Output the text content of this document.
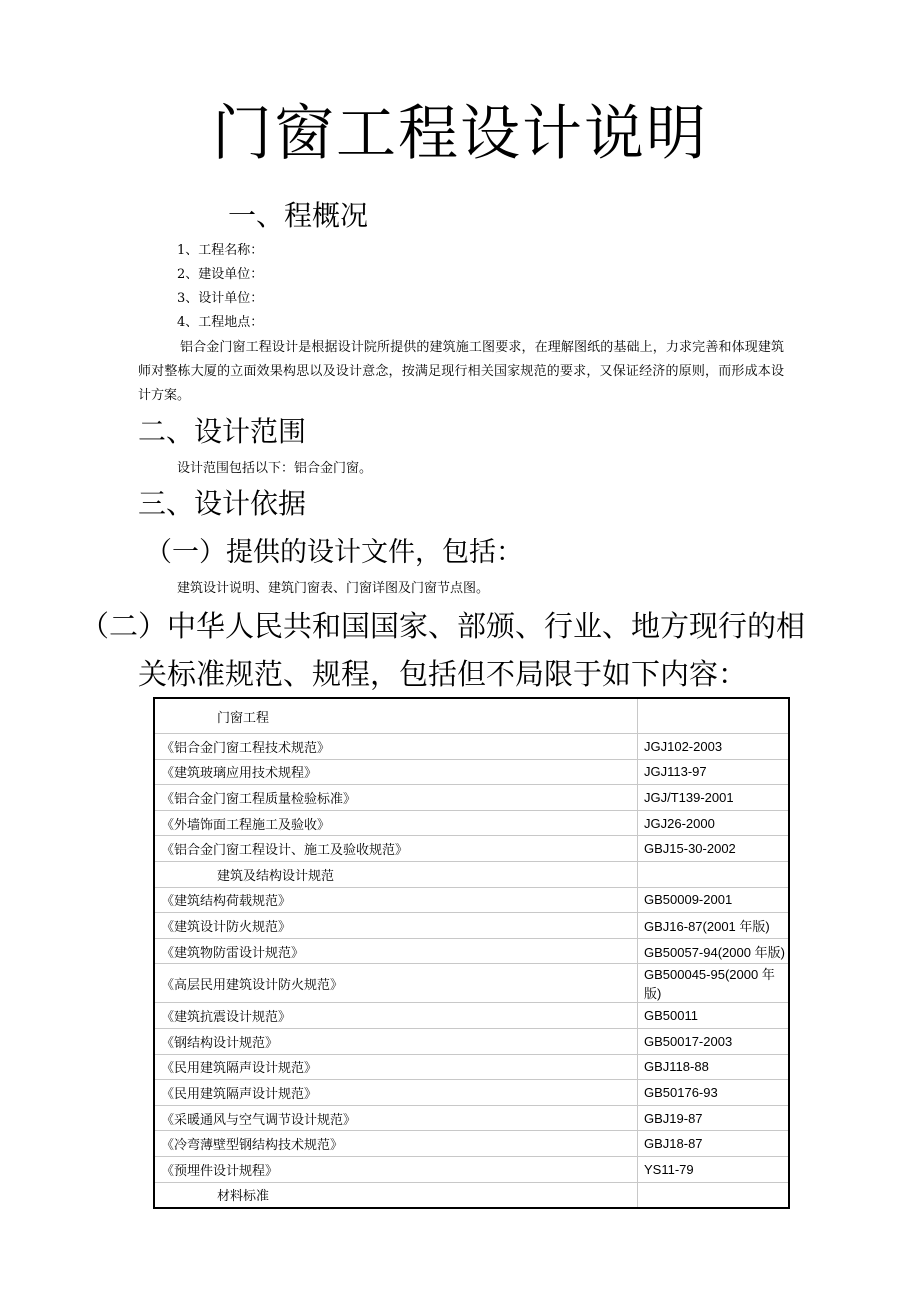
门窗工程设计说明
一、程概况
1、工程名称：
2、建设单位：
3、设计单位：
4、工程地点：
铝合金门窗工程设计是根据设计院所提供的建筑施工图要求，在理解图纸的基础上，力求完善和体现建筑师对整栋大厦的立面效果构思以及设计意念，按满足现行相关国家规范的要求，又保证经济的原则，而形成本设计方案。
二、设计范围
设计范围包括以下：铝合金门窗。
三、设计依据
（一）提供的设计文件，包括：
建筑设计说明、建筑门窗表、门窗详图及门窗节点图。
（二）中华人民共和国国家、部颁、行业、地方现行的相
关标准规范、规程，包括但不局限于如下内容：
门窗工程	
《铝合金门窗工程技术规范》	JGJ102-2003
《建筑玻璃应用技术规程》	JGJ113-97
《铝合金门窗工程质量检验标准》	JGJ/T139-2001
《外墙饰面工程施工及验收》	JGJ26-2000
《铝合金门窗工程设计、施工及验收规范》	GBJ15-30-2002
建筑及结构设计规范	
《建筑结构荷载规范》	GB50009-2001
《建筑设计防火规范》	GBJ16-87(2001 年版)
《建筑物防雷设计规范》	GB50057-94(2000 年版)
《高层民用建筑设计防火规范》	GB500045-95(2000 年版)
《建筑抗震设计规范》	GB50011
《钢结构设计规范》	GB50017-2003
《民用建筑隔声设计规范》	GBJ118-88
《民用建筑隔声设计规范》	GB50176-93
《采暖通风与空气调节设计规范》	GBJ19-87
《冷弯薄壁型钢结构技术规范》	GBJ18-87
《预埋件设计规程》	YS11-79
材料标准	
